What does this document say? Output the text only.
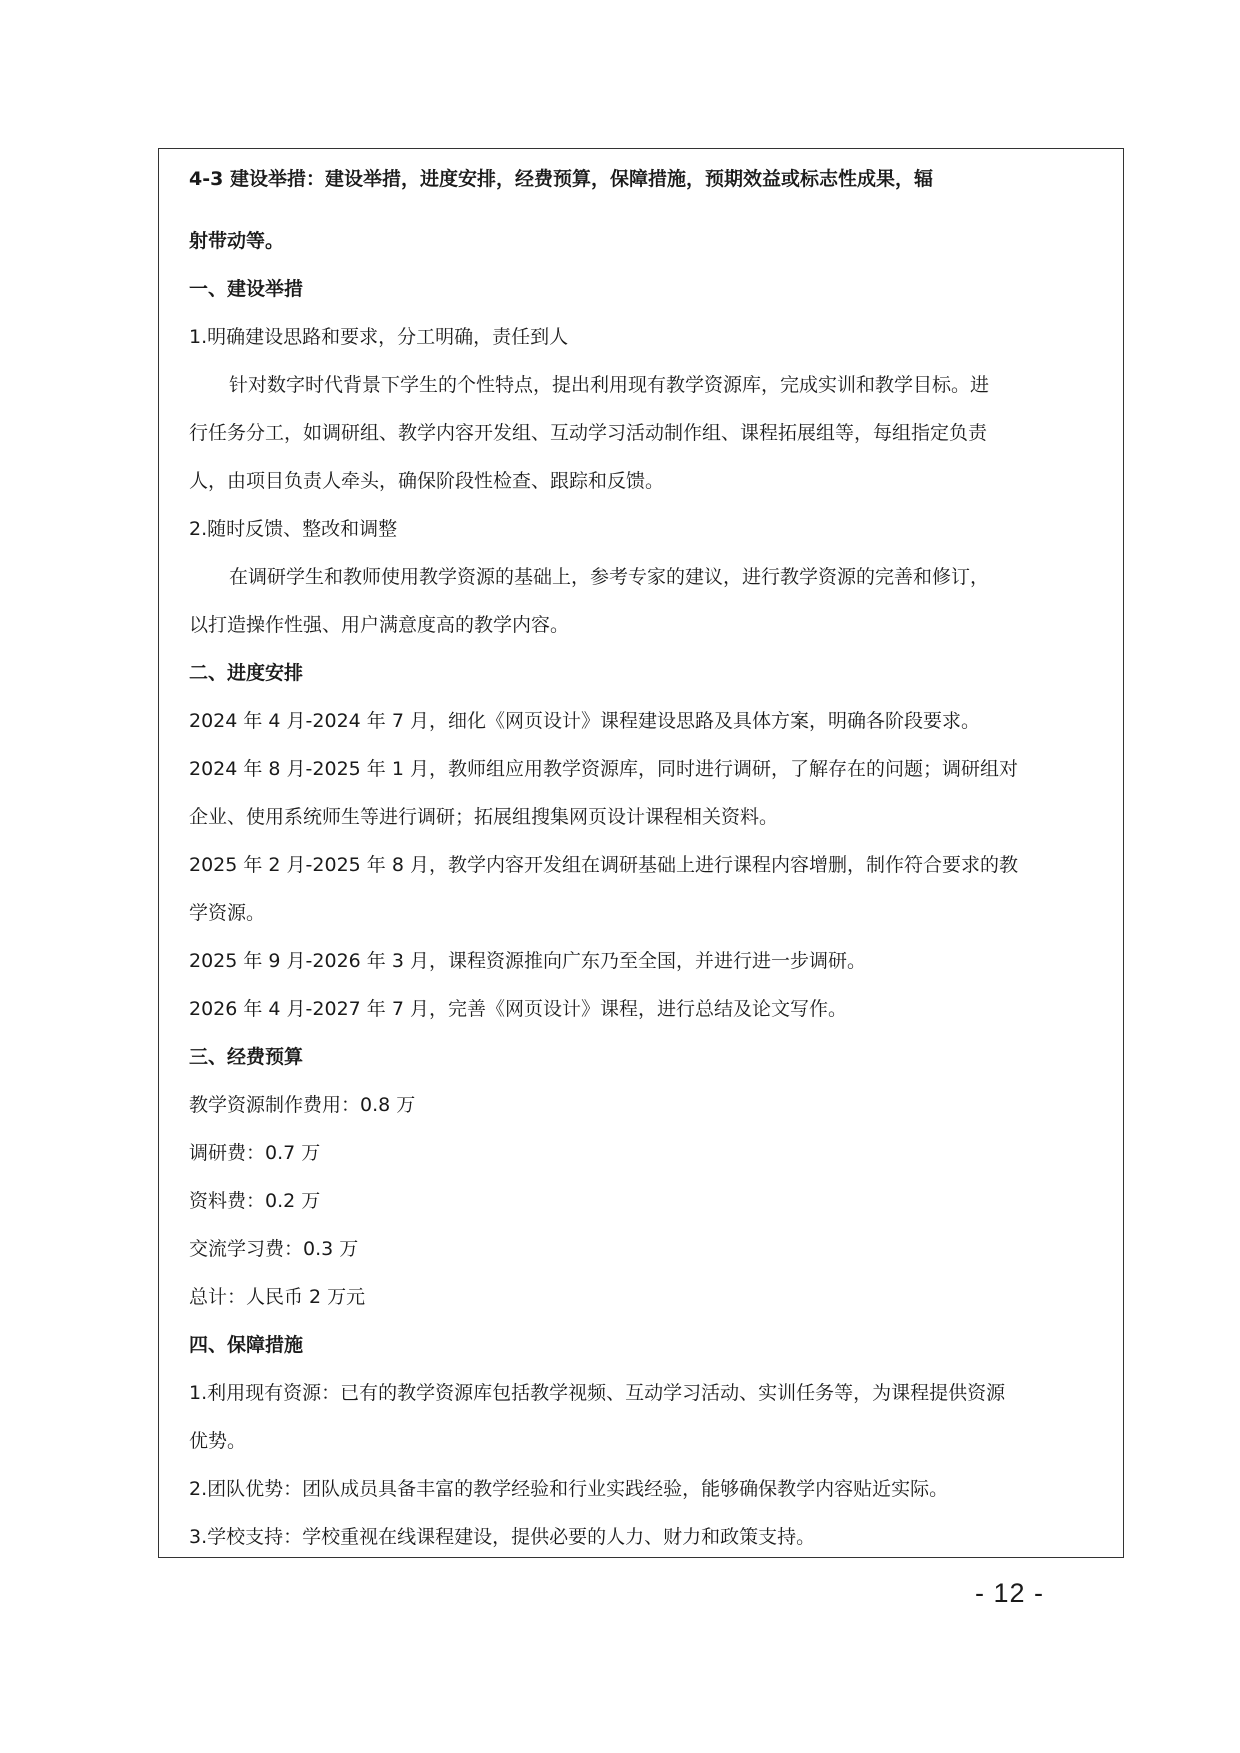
4-3 建设举措：建设举措，进度安排，经费预算，保障措施，预期效益或标志性成果，辐
射带动等。
一、建设举措
1.明确建设思路和要求，分工明确，责任到人
针对数字时代背景下学生的个性特点，提出利用现有教学资源库，完成实训和教学目标。进
行任务分工，如调研组、教学内容开发组、互动学习活动制作组、课程拓展组等，每组指定负责
人，由项目负责人牵头，确保阶段性检查、跟踪和反馈。
2.随时反馈、整改和调整
在调研学生和教师使用教学资源的基础上，参考专家的建议，进行教学资源的完善和修订，
以打造操作性强、用户满意度高的教学内容。
二、进度安排
2024 年 4 月-2024 年 7 月，细化《网页设计》课程建设思路及具体方案，明确各阶段要求。
2024 年 8 月-2025 年 1 月，教师组应用教学资源库，同时进行调研，了解存在的问题；调研组对
企业、使用系统师生等进行调研；拓展组搜集网页设计课程相关资料。
2025 年 2 月-2025 年 8 月，教学内容开发组在调研基础上进行课程内容增删，制作符合要求的教
学资源。
2025 年 9 月-2026 年 3 月，课程资源推向广东乃至全国，并进行进一步调研。
2026 年 4 月-2027 年 7 月，完善《网页设计》课程，进行总结及论文写作。
三、经费预算
教学资源制作费用：0.8 万
调研费：0.7 万
资料费：0.2 万
交流学习费：0.3 万
总计：人民币 2 万元
四、保障措施
1.利用现有资源：已有的教学资源库包括教学视频、互动学习活动、实训任务等，为课程提供资源
优势。
2.团队优势：团队成员具备丰富的教学经验和行业实践经验，能够确保教学内容贴近实际。
3.学校支持：学校重视在线课程建设，提供必要的人力、财力和政策支持。
- 12 -
